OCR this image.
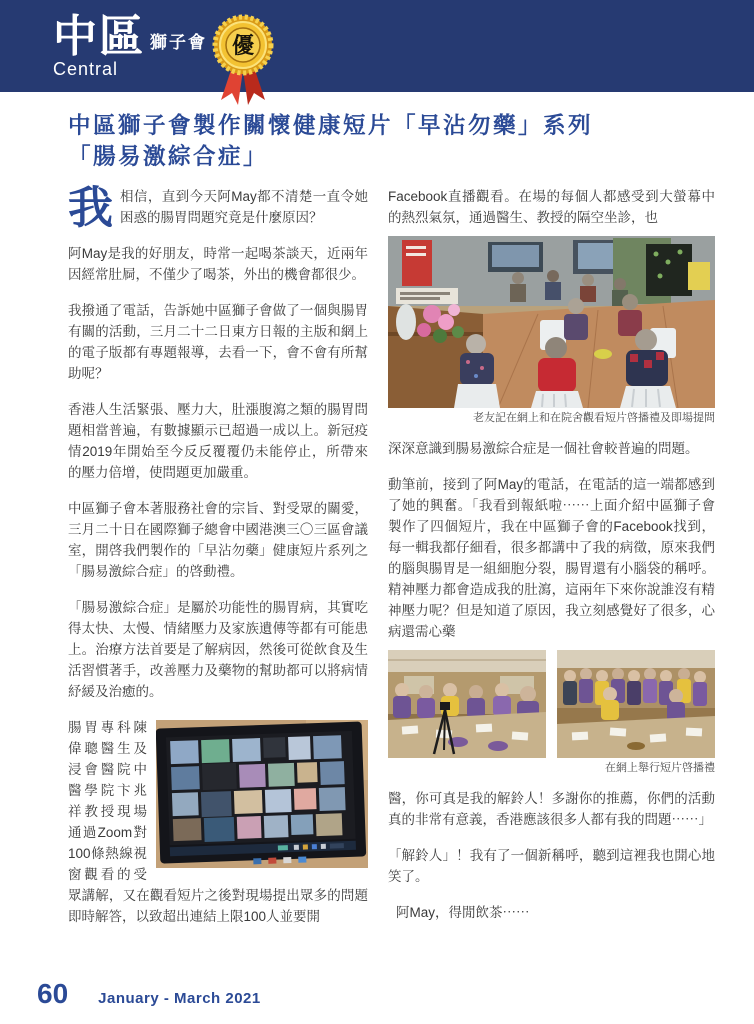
中區 獅子會
Central
優
中區獅子會製作關懷健康短片「早沾勿藥」系列
「腸易激綜合症」

我相信，直到今天阿May都不清楚一直令她困惑的腸胃問題究竟是什麼原因？

阿May是我的好朋友，時常一起喝茶談天，近兩年因經常肚屙，不僅少了喝茶，外出的機會都很少。

我撥通了電話，告訴她中區獅子會做了一個與腸胃有關的活動，三月二十二日東方日報的主版和網上的電子版都有專題報導，去看一下，會不會有所幫助呢？

香港人生活緊張、壓力大，肚漲腹瀉之類的腸胃問題相當普遍，有數據顯示已超過一成以上。新冠疫情2019年開始至今反反覆覆仍未能停止，所帶來的壓力倍增，使問題更加嚴重。

中區獅子會本著服務社會的宗旨、對受眾的關愛，三月二十日在國際獅子總會中國港澳三〇三區會議室，開啓我們製作的「早沾勿藥」健康短片系列之「腸易激綜合症」的啓動禮。

「腸易激綜合症」是屬於功能性的腸胃病，其實吃得太快、太慢、情緒壓力及家族遺傳等都有可能患上。治療方法首要是了解病因，然後可從飲食及生活習慣著手，改善壓力及藥物的幫助都可以將病情紓緩及治癒的。

腸胃專科陳偉聰醫生及浸會醫院中醫學院卞兆祥教授現場通過Zoom對100條熱線視窗觀看的受眾講解，又在觀看短片之後對現場提出眾多的問題即時解答，以致超出連結上限100人並要開

Facebook直播觀看。在場的每個人都感受到大螢幕中的熱烈氣氛，通過醫生、教授的隔空坐診，也

老友記在網上和在院舍觀看短片啓播禮及即場提問

深深意識到腸易激綜合症是一個社會較普遍的問題。

動筆前，接到了阿May的電話，在電話的這一端都感到了她的興奮。「我看到報紙啦⋯⋯上面介紹中區獅子會製作了四個短片，我在中區獅子會的Facebook找到，每一輯我都仔細看，很多都講中了我的病徵，原來我們的腦與腸胃是一組細胞分裂，腸胃還有小腦袋的稱呼。精神壓力都會造成我的肚瀉，這兩年下來你說誰沒有精神壓力呢？但是知道了原因，我立刻感覺好了很多，心病還需心藥

在網上舉行短片啓播禮

醫，你可真是我的解鈴人！多謝你的推薦，你們的活動真的非常有意義，香港應該很多人都有我的問題⋯⋯」

「解鈴人」！我有了一個新稱呼，聽到這裡我也開心地笑了。

阿May，得閒飲茶⋯⋯

60 January - March 2021
